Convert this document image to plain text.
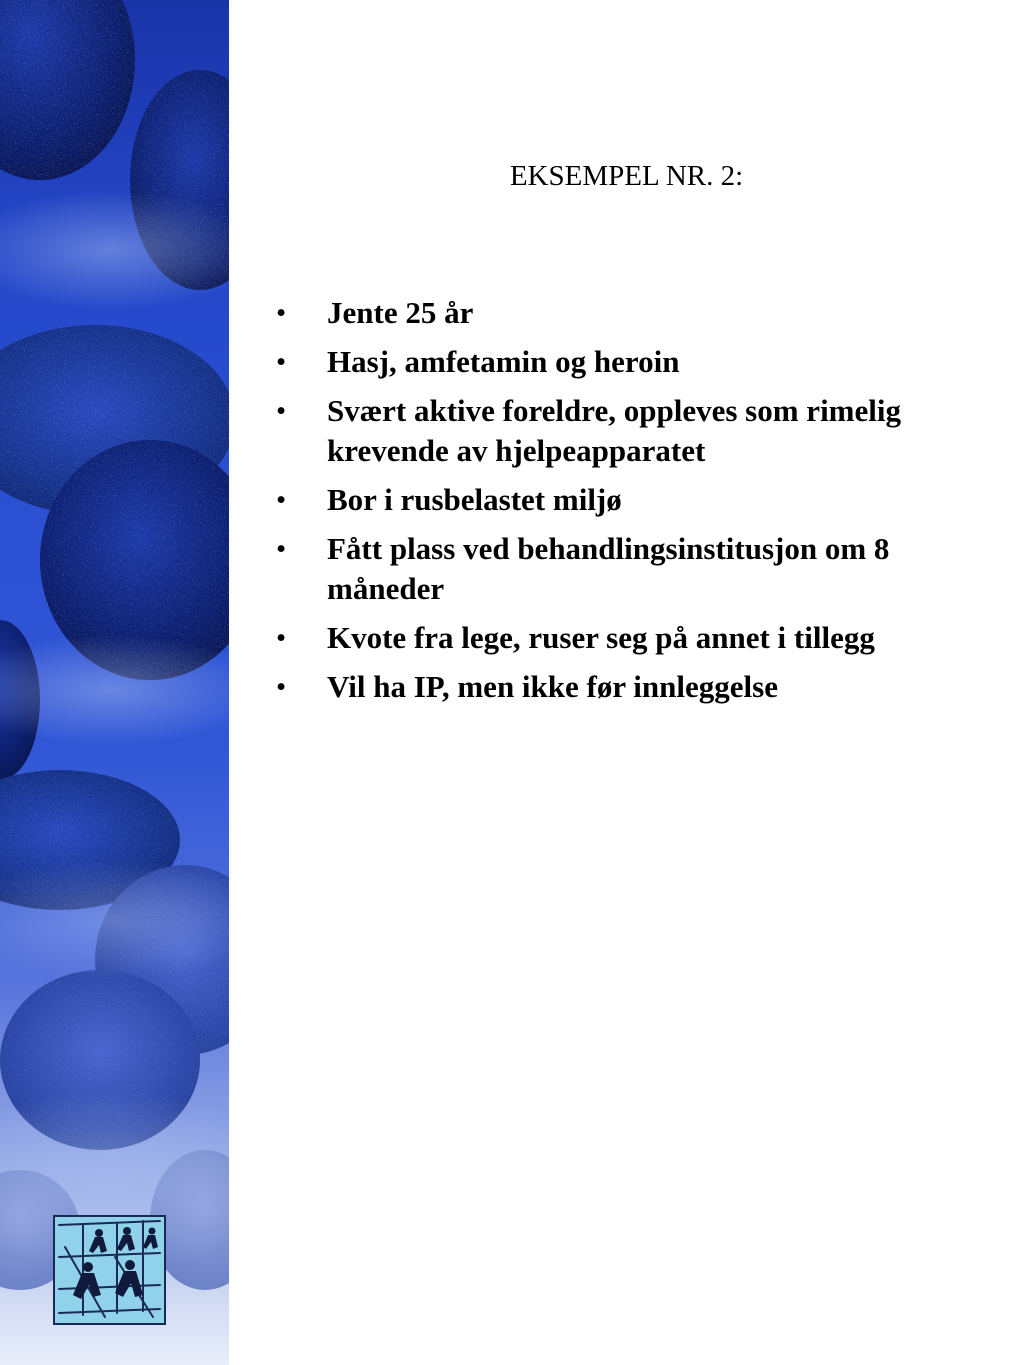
EKSEMPEL NR. 2:
• Jente 25 år
• Hasj, amfetamin og heroin
• Svært aktive foreldre, oppleves som rimelig krevende av hjelpeapparatet
• Bor i rusbelastet miljø
• Fått plass ved behandlingsinstitusjon om 8 måneder
• Kvote fra lege, ruser seg på annet i tillegg
• Vil ha IP, men ikke før innleggelse
